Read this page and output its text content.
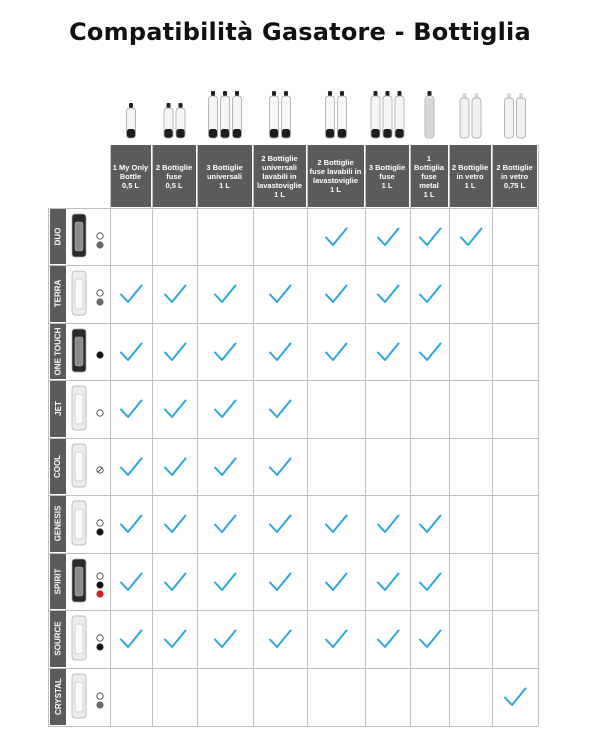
Compatibilità Gasatore - Bottiglia
1 My Only
Bottle
0,5 L
2 Bottiglie
fuse
0,5 L
3 Bottiglie
universali
1 L
2 Bottiglie
universali
lavabili in
lavastoviglie
1 L
2 Bottiglie
fuse lavabili in
lavastoviglie
1 L
3 Bottiglie
fuse
1 L
1
Bottiglia
fuse
metal
1 L
2 Bottiglie
in vetro
1 L
2 Bottiglie
in vetro
0,75 L
DUO
TERRA
ONE TOUCH
JET
COOL
GENESIS
SPIRIT
SOURCE
CRYSTAL
